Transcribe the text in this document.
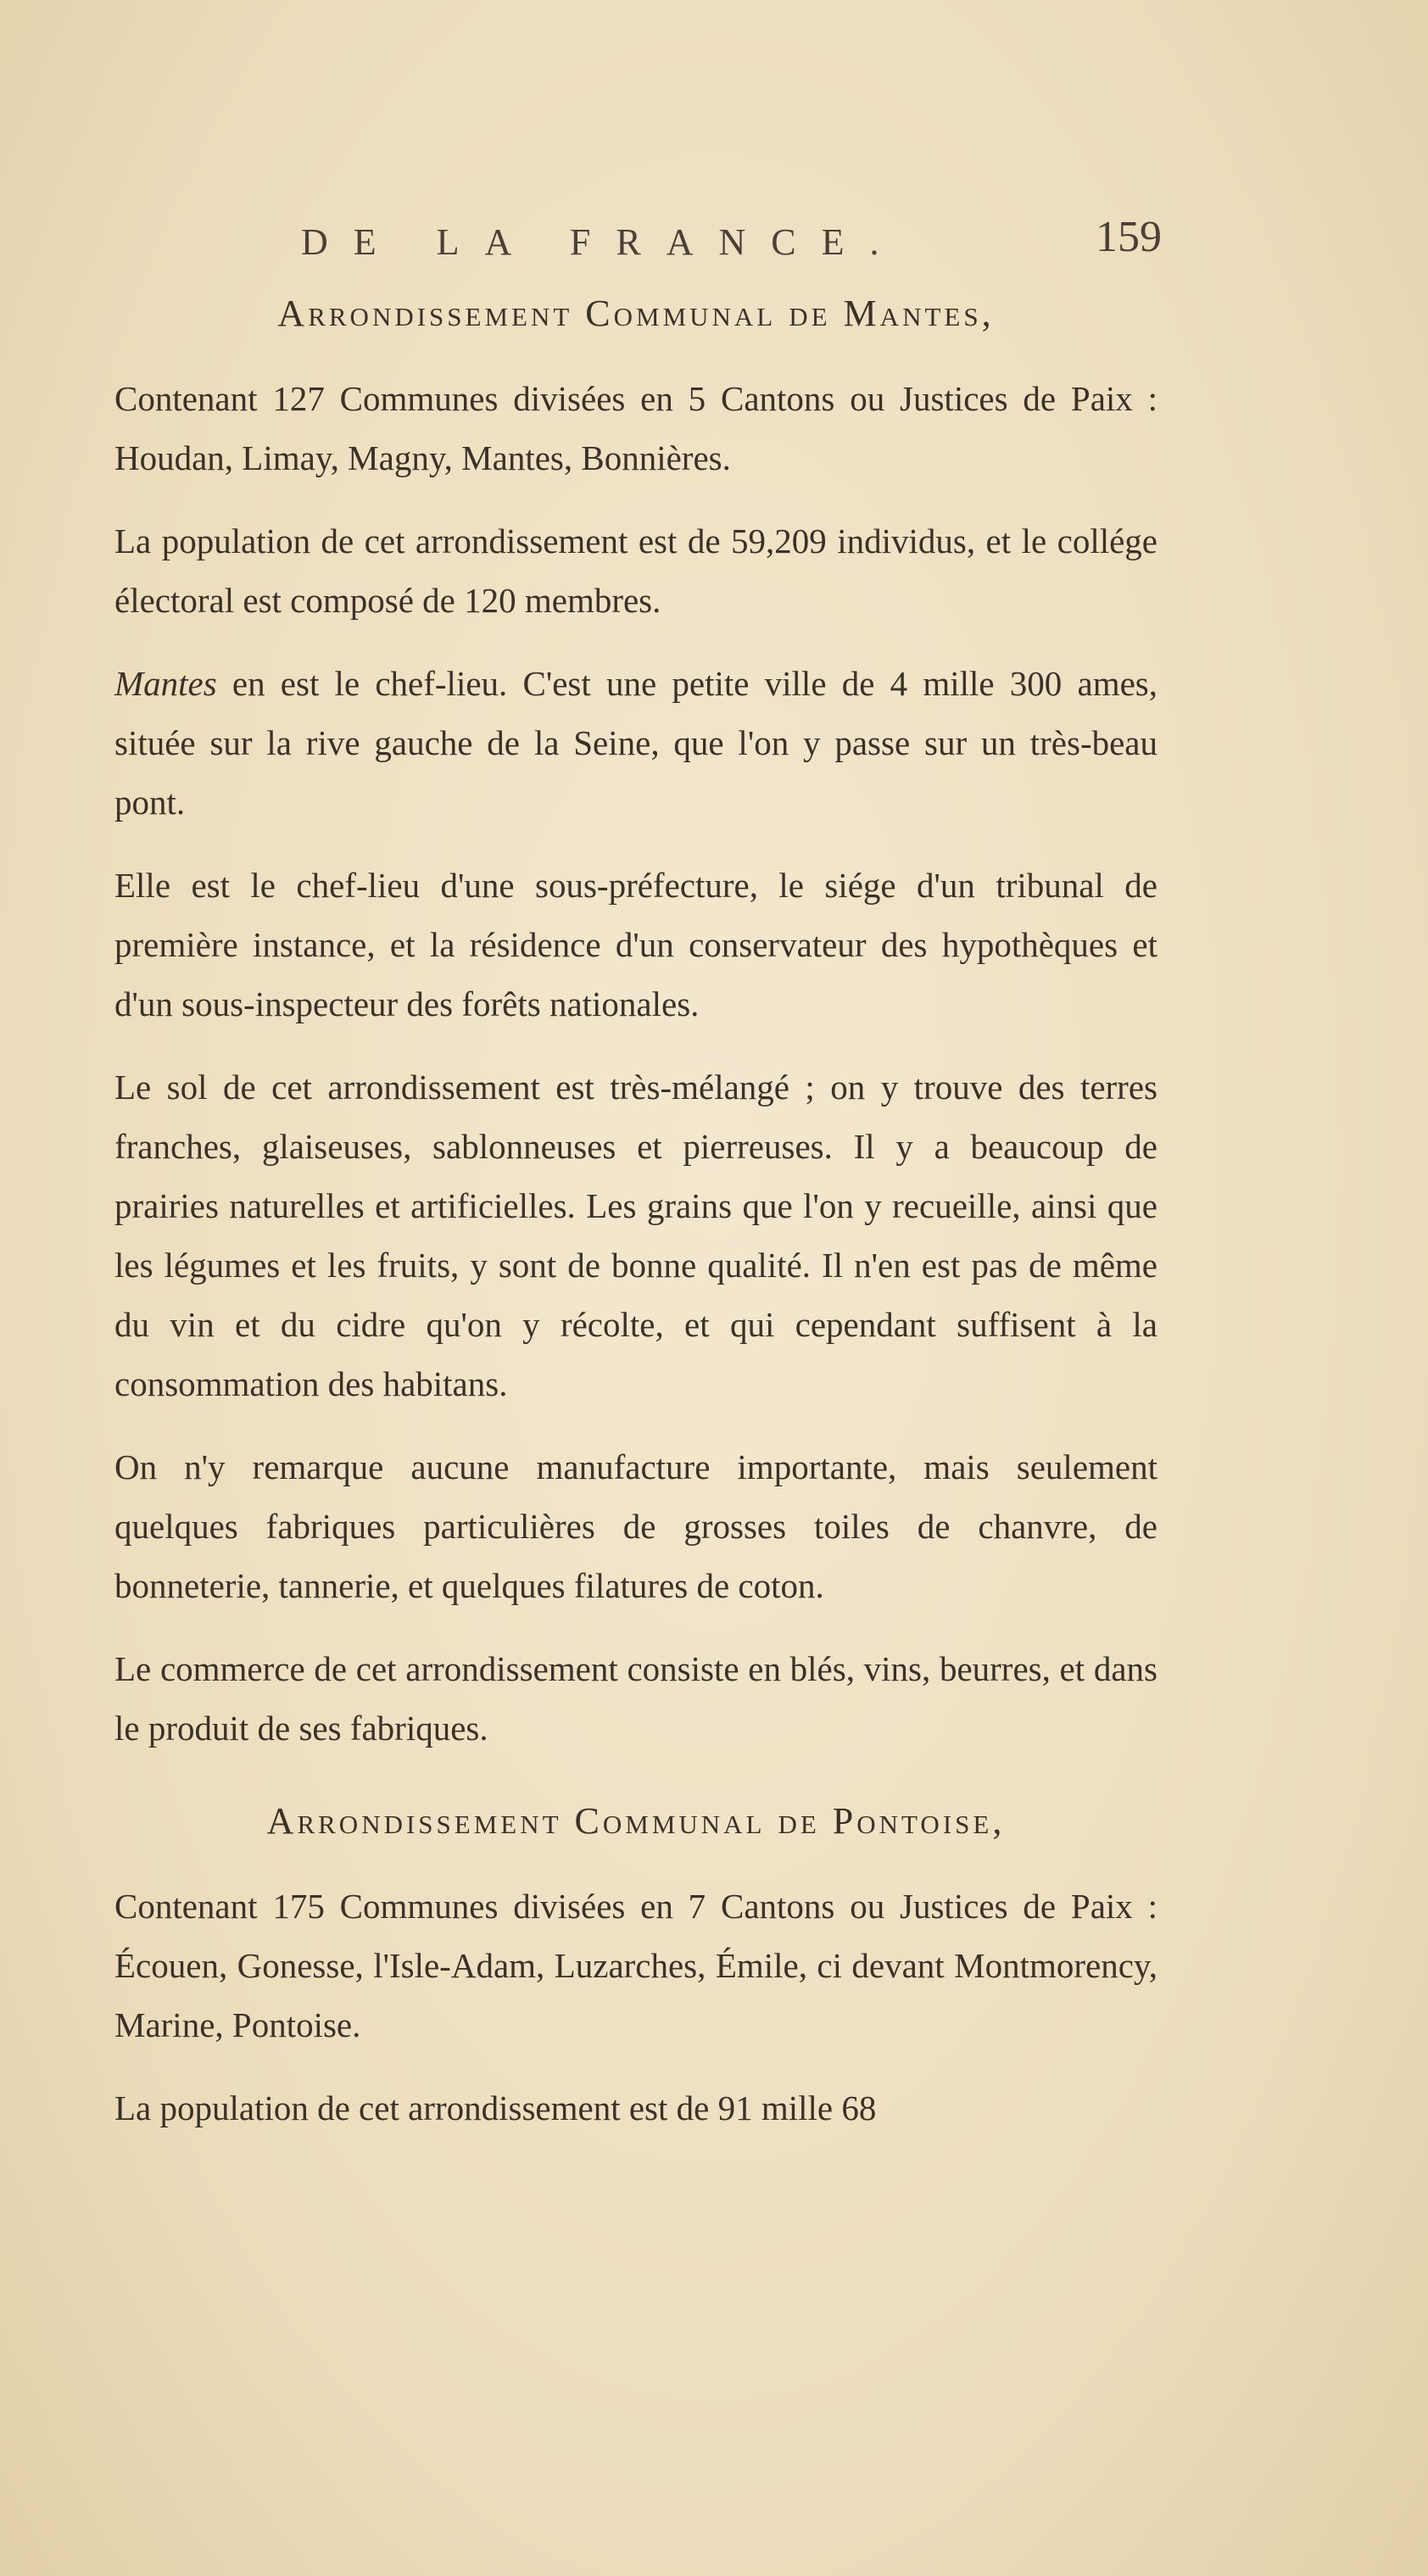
DE LA FRANCE.	159
Arrondissement Communal de Mantes,

Contenant 127 Communes divisées en 5 Cantons ou Justices de Paix : Houdan, Limay, Magny, Mantes, Bonnières.

La population de cet arrondissement est de 59,209 individus, et le collége électoral est composé de 120 membres.

Mantes en est le chef-lieu. C'est une petite ville de 4 mille 300 ames, située sur la rive gauche de la Seine, que l'on y passe sur un très-beau pont.

Elle est le chef-lieu d'une sous-préfecture, le siége d'un tribunal de première instance, et la résidence d'un conservateur des hypothèques et d'un sous-inspecteur des forêts nationales.

Le sol de cet arrondissement est très-mélangé ; on y trouve des terres franches, glaiseuses, sablonneuses et pierreuses. Il y a beaucoup de prairies naturelles et artificielles. Les grains que l'on y recueille, ainsi que les légumes et les fruits, y sont de bonne qualité. Il n'en est pas de même du vin et du cidre qu'on y récolte, et qui cependant suffisent à la consommation des habitans.

On n'y remarque aucune manufacture importante, mais seulement quelques fabriques particulières de grosses toiles de chanvre, de bonneterie, tannerie, et quelques filatures de coton.

Le commerce de cet arrondissement consiste en blés, vins, beurres, et dans le produit de ses fabriques.

Arrondissement Communal de Pontoise,

Contenant 175 Communes divisées en 7 Cantons ou Justices de Paix : Écouen, Gonesse, l'Isle-Adam, Luzarches, Émile, ci devant Montmorency, Marine, Pontoise.

La population de cet arrondissement est de 91 mille 68
